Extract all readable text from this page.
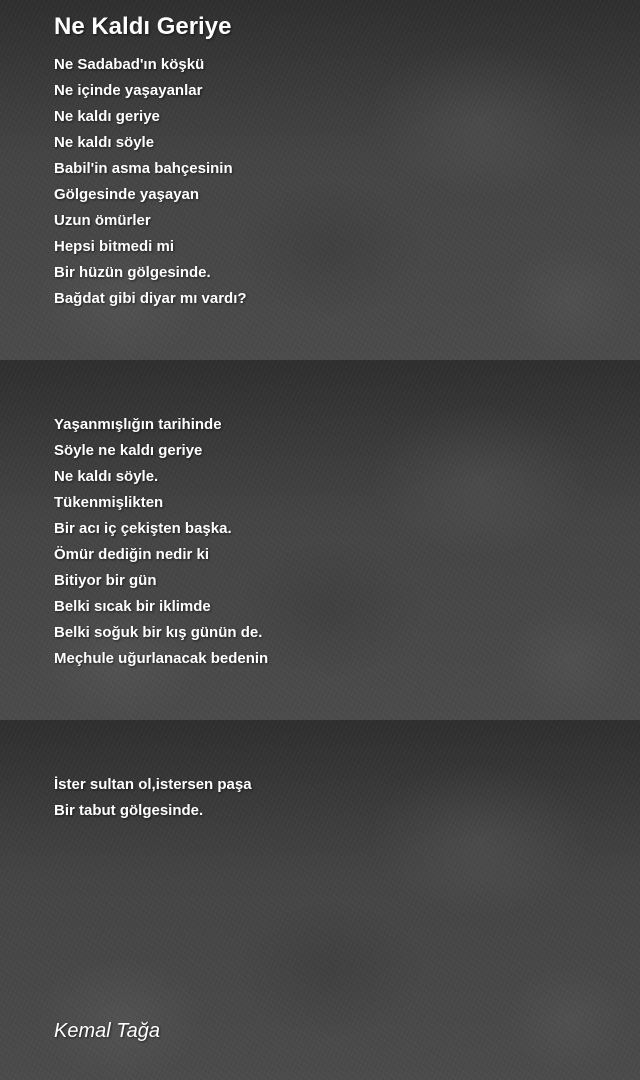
Ne Kaldı Geriye
Ne Sadabad'ın köşkü
Ne içinde yaşayanlar
Ne kaldı geriye
Ne kaldı söyle
Babil'in asma bahçesinin
Gölgesinde yaşayan
Uzun ömürler
Hepsi bitmedi mi
Bir hüzün gölgesinde.
Bağdat gibi diyar mı vardı?
Yaşanmışlığın tarihinde
Söyle ne kaldı geriye
Ne kaldı söyle.
Tükenmişlikten
Bir acı iç çekişten başka.
Ömür dediğin nedir ki
Bitiyor bir gün
Belki sıcak bir iklimde
Belki soğuk bir kış günün de.
Meçhule uğurlanacak bedenin
İster sultan ol,istersen paşa
Bir tabut gölgesinde.
Kemal Tağa
